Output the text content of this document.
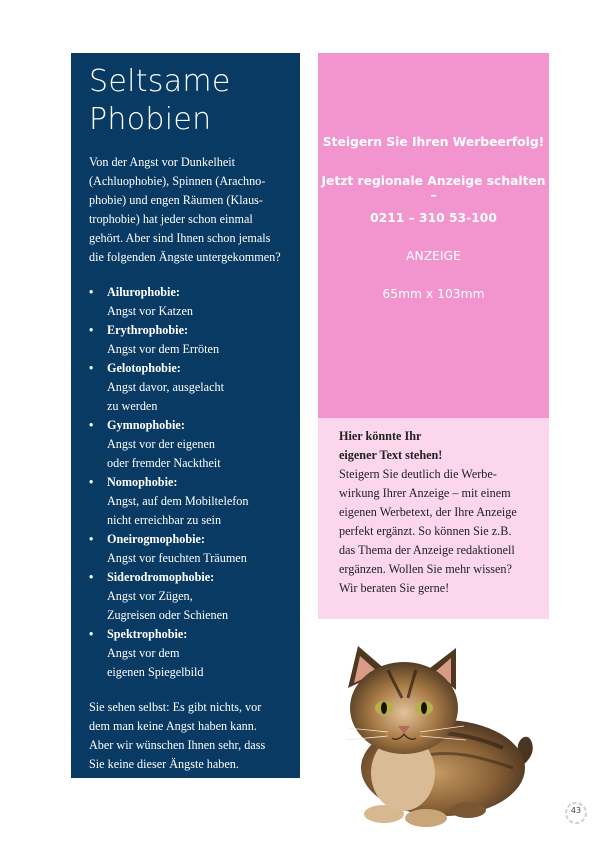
Seltsame
Phobien

Von der Angst vor Dunkelheit
(Achluophobie), Spinnen (Arachno-
phobie) und engen Räumen (Klaus-
trophobie) hat jeder schon einmal
gehört. Aber sind Ihnen schon jemals
die folgenden Ängste untergekommen?

• Ailurophobie:
Angst vor Katzen
• Erythrophobie:
Angst vor dem Erröten
• Gelotophobie:
Angst davor, ausgelacht
zu werden
• Gymnophobie:
Angst vor der eigenen
oder fremder Nacktheit
• Nomophobie:
Angst, auf dem Mobiltelefon
nicht erreichbar zu sein
• Oneirogmophobie:
Angst vor feuchten Träumen
• Siderodromophobie:
Angst vor Zügen,
Zugreisen oder Schienen
• Spektrophobie:
Angst vor dem
eigenen Spiegelbild

Sie sehen selbst: Es gibt nichts, vor
dem man keine Angst haben kann.
Aber wir wünschen Ihnen sehr, dass
Sie keine dieser Ängste haben.

Steigern Sie Ihren Werbeerfolg!
Jetzt regionale Anzeige schalten –
0211 – 310 53-100
ANZEIGE
65mm x 103mm
Hier könnte Ihr
eigener Text stehen!
Steigern Sie deutlich die Werbe-
wirkung Ihrer Anzeige – mit einem
eigenen Werbetext, der Ihre Anzeige
perfekt ergänzt. So können Sie z.B.
das Thema der Anzeige redaktionell
ergänzen. Wollen Sie mehr wissen?
Wir beraten Sie gerne!
43
